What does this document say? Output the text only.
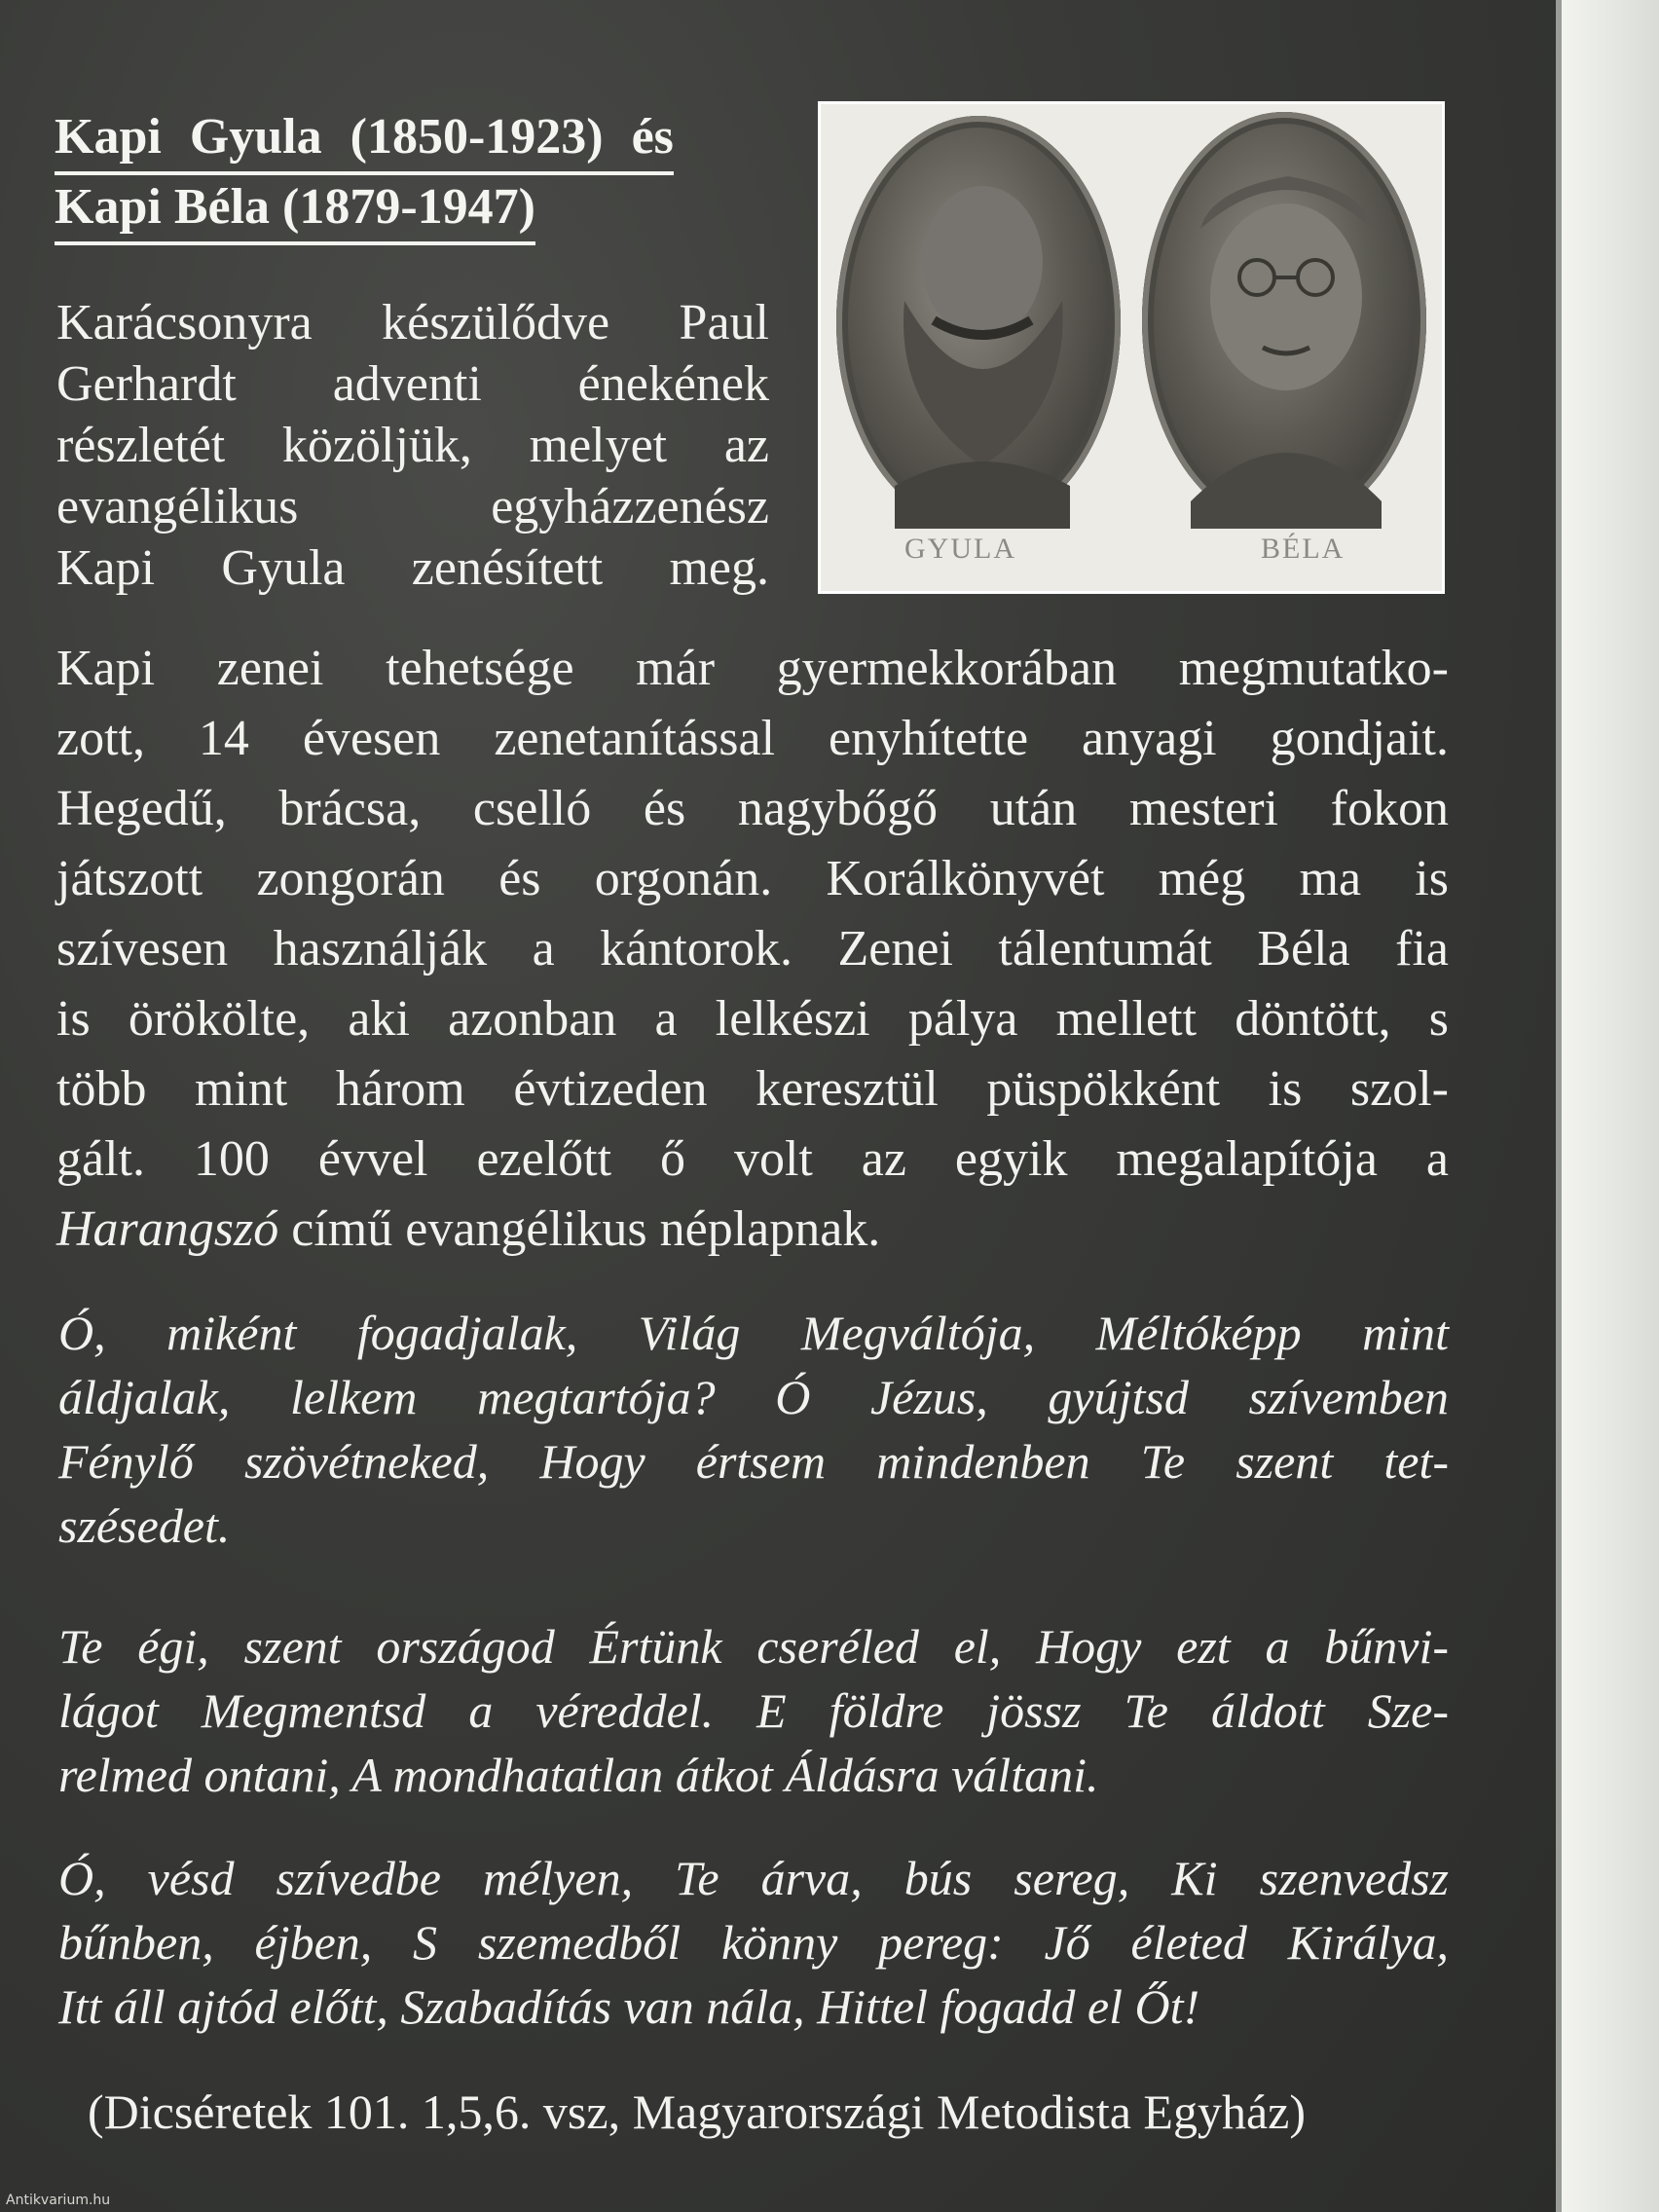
Kapi Gyula (1850-1923) és
Kapi Béla (1879-1947)
GYULA	BÉLA
Karácsonyra készülődve Paul
Gerhardt adventi énekének
részletét közöljük, melyet az
evangélikus egyházzenész
Kapi Gyula zenésített meg.
Kapi zenei tehetsége már gyermekkorában megmutatko-
zott, 14 évesen zenetanítással enyhítette anyagi gondjait.
Hegedű, brácsa, cselló és nagybőgő után mesteri fokon
játszott zongorán és orgonán. Korálkönyvét még ma is
szívesen használják a kántorok. Zenei tálentumát Béla fia
is örökölte, aki azonban a lelkészi pálya mellett döntött, s
több mint három évtizeden keresztül püspökként is szol-
gált. 100 évvel ezelőtt ő volt az egyik megalapítója a
Harangszó című evangélikus néplapnak.
Ó, miként fogadjalak, Világ Megváltója, Méltóképp mint
áldjalak, lelkem megtartója? Ó Jézus, gyújtsd szívemben
Fénylő szövétneked, Hogy értsem mindenben Te szent tet-
szésedet.
Te égi, szent országod Értünk cseréled el, Hogy ezt a bűnvi-
lágot Megmentsd a véreddel. E földre jössz Te áldott Sze-
relmed ontani, A mondhatatlan átkot Áldásra váltani.
Ó, vésd szívedbe mélyen, Te árva, bús sereg, Ki szenvedsz
bűnben, éjben, S szemedből könny pereg: Jő életed Királya,
Itt áll ajtód előtt, Szabadítás van nála, Hittel fogadd el Őt!
(Dicséretek 101. 1,5,6. vsz, Magyarországi Metodista Egyház)
Antikvarium.hu
